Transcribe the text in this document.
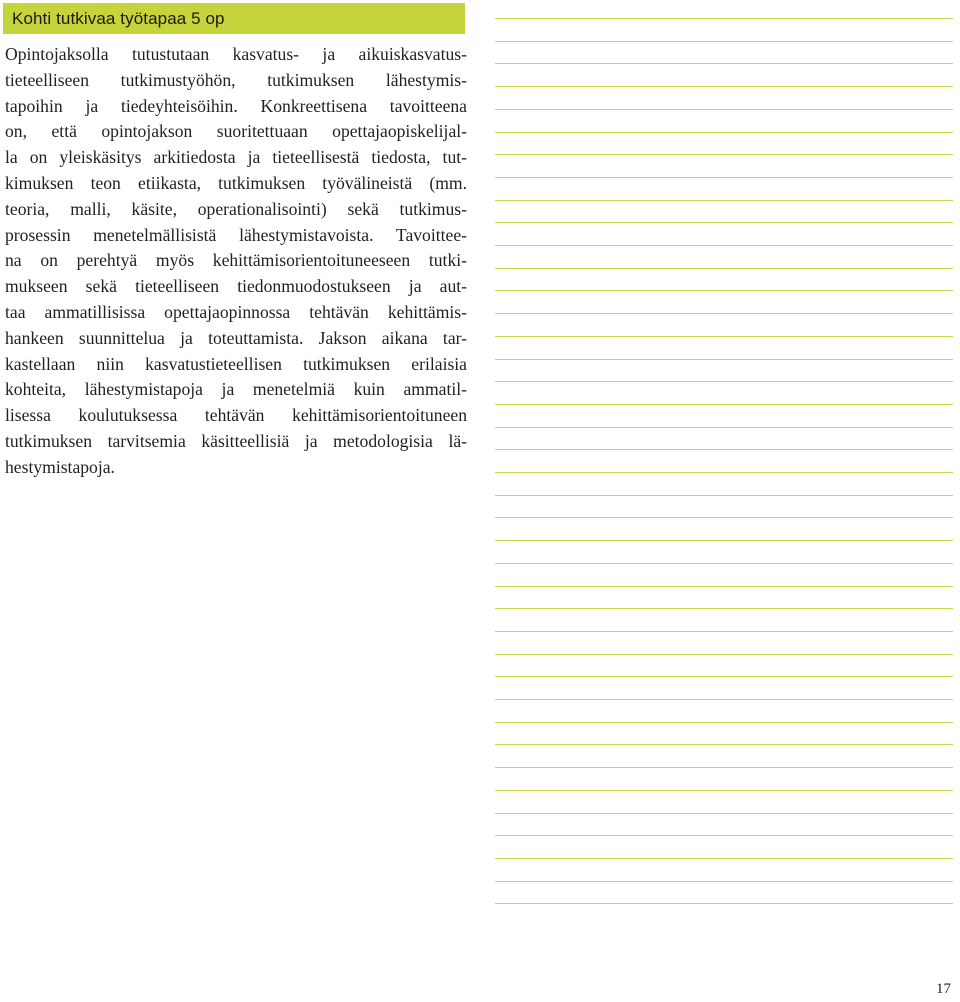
Kohti tutkivaa työtapaa 5 op
Opintojaksolla tutustutaan kasvatus- ja aikuiskasvatus-
tieteelliseen tutkimustyöhön, tutkimuksen lähestymis-
tapoihin ja tiedeyhteisöihin. Konkreettisena tavoitteena
on, että opintojakson suoritettuaan opettajaopiskelijal-
la on yleiskäsitys arkitiedosta ja tieteellisestä tiedosta, tut-
kimuksen teon etiikasta, tutkimuksen työvälineistä (mm.
teoria, malli, käsite, operationalisointi) sekä tutkimus-
prosessin menetelmällisistä lähestymistavoista. Tavoittee-
na on perehtyä myös kehittämisorientoituneeseen tutki-
mukseen sekä tieteelliseen tiedonmuodostukseen ja aut-
taa ammatillisissa opettajaopinnossa tehtävän kehittämis-
hankeen suunnittelua ja toteuttamista. Jakson aikana tar-
kastellaan niin kasvatustieteellisen tutkimuksen erilaisia
kohteita, lähestymistapoja ja menetelmiä kuin ammatil-
lisessa koulutuksessa tehtävän kehittämisorientoituneen
tutkimuksen tarvitsemia käsitteellisiä ja metodologisia lä-
hestymistapoja.
17
